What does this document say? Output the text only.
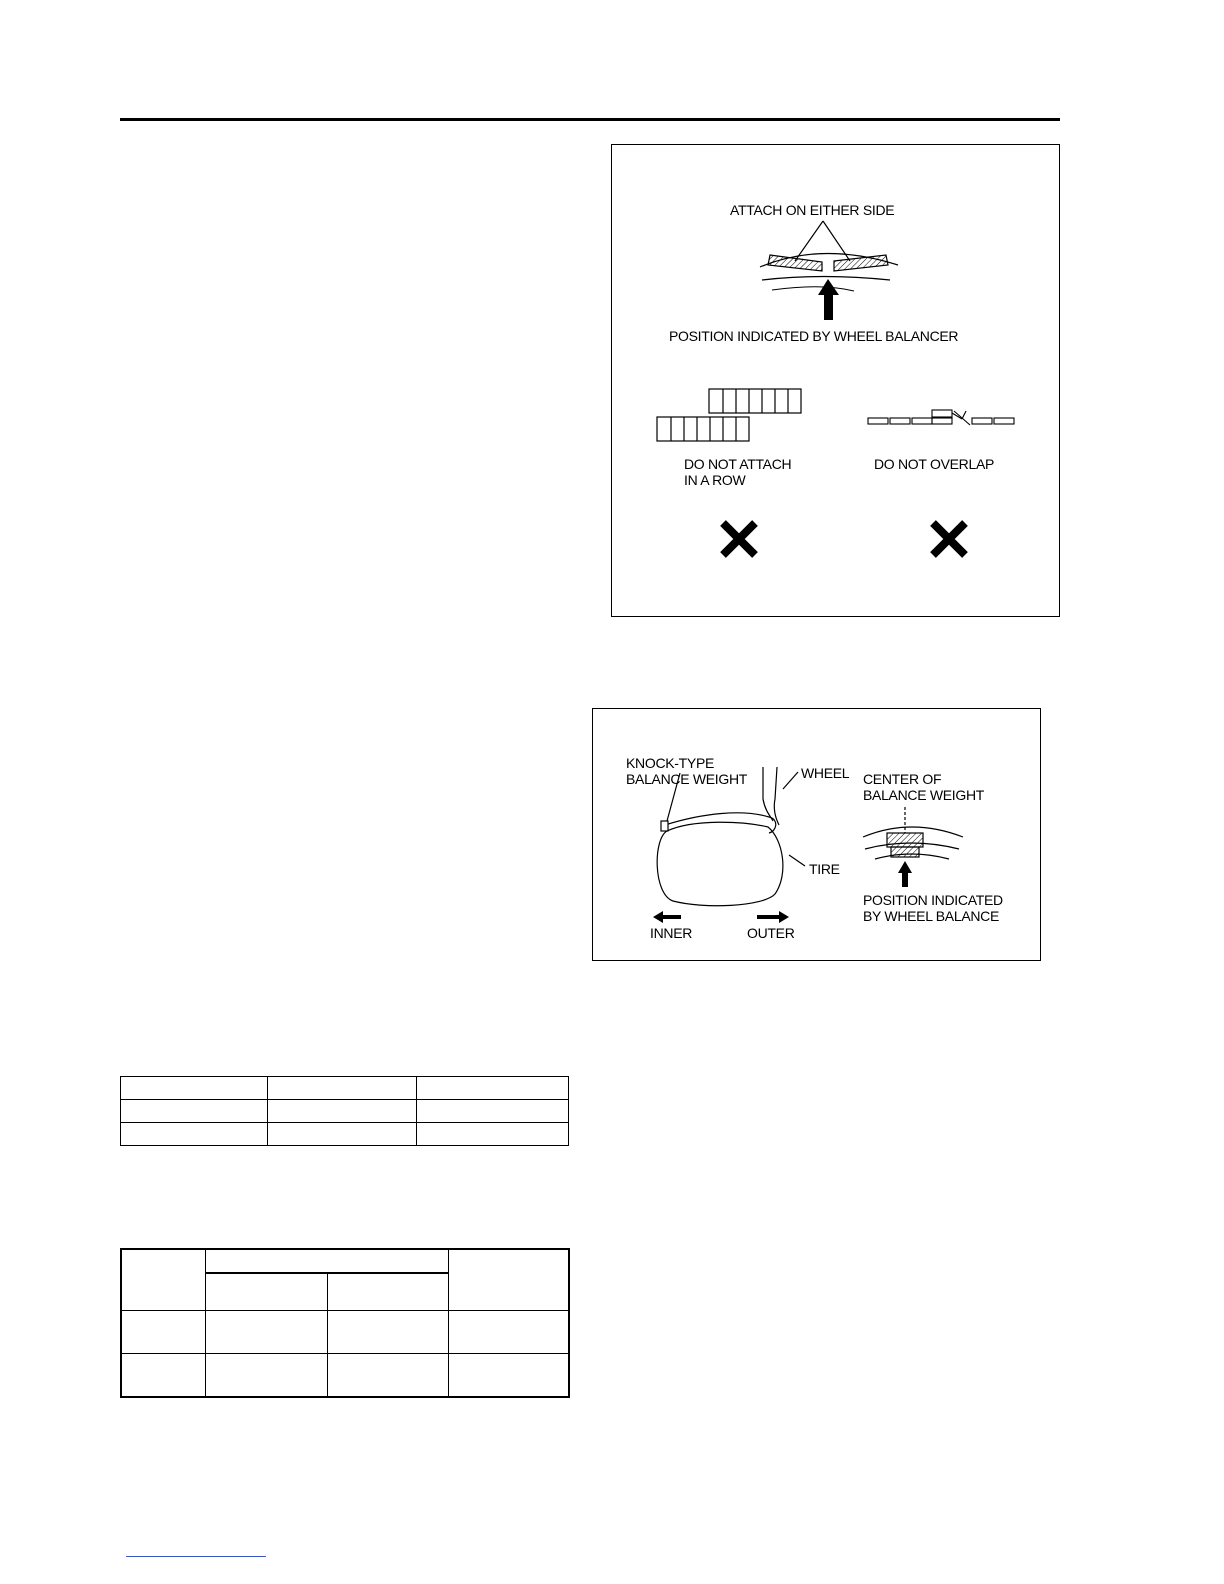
ATTACH ON EITHER SIDE
POSITION INDICATED BY WHEEL BALANCER
DO NOT ATTACH
IN A ROW
DO NOT OVERLAP
KNOCK-TYPE
BALANCE WEIGHT	WHEEL CENTER OF
BALANCE WEIGHT
TIRE
POSITION INDICATED
BY WHEEL BALANCE
INNER	OUTER
